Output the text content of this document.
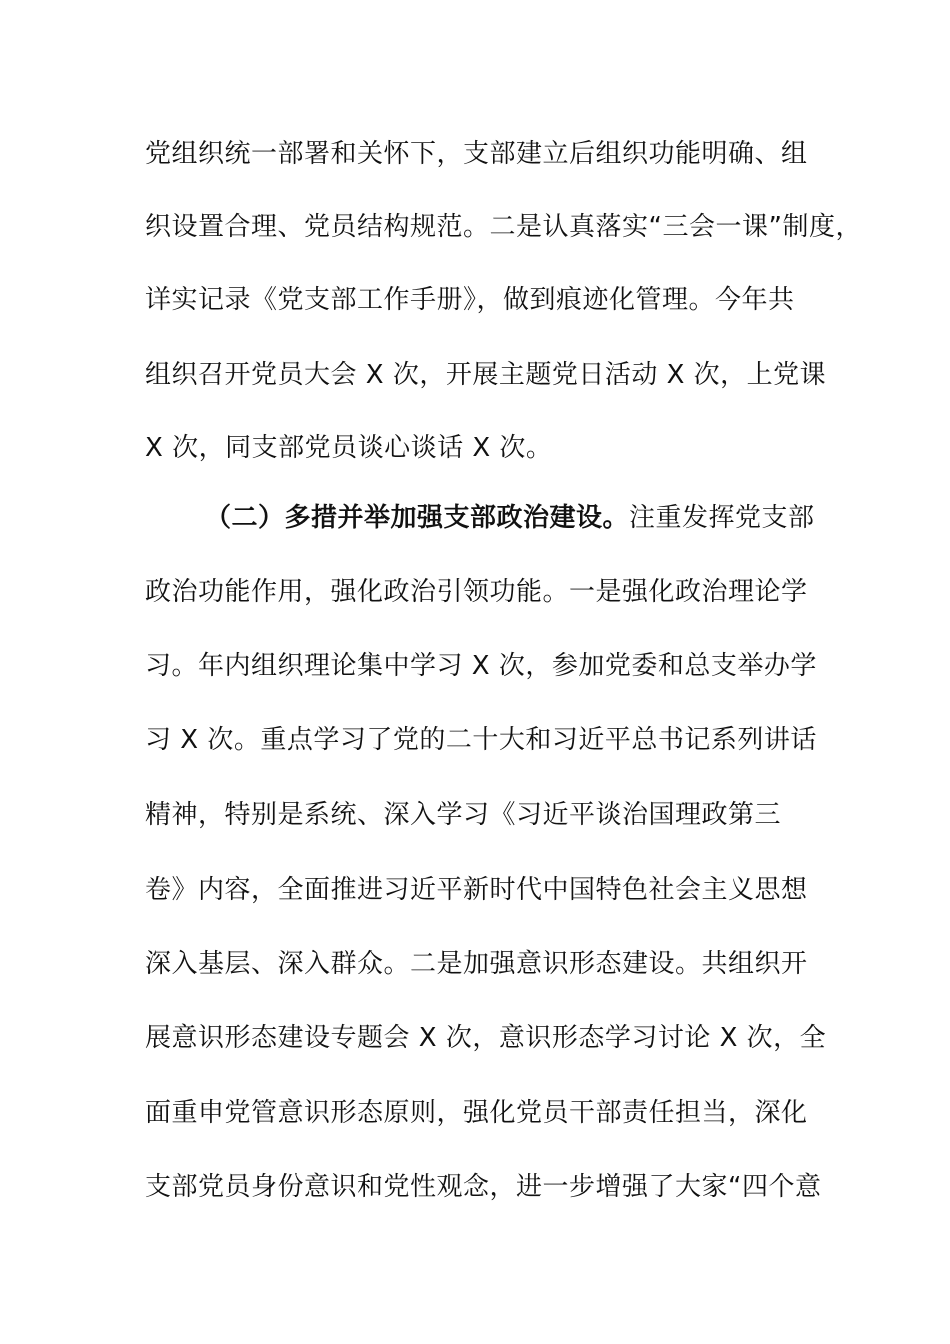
党组织统一部署和关怀下，支部建立后组织功能明确、组
织设置合理、党员结构规范。二是认真落实“三会一课”制度，
详实记录《党支部工作手册》，做到痕迹化管理。今年共
组织召开党员大会 X 次，开展主题党日活动 X 次，上党课
X 次，同支部党员谈心谈话 X 次。
（二）多措并举加强支部政治建设。注重发挥党支部
政治功能作用，强化政治引领功能。一是强化政治理论学
习。年内组织理论集中学习 X 次，参加党委和总支举办学
习 X 次。重点学习了党的二十大和习近平总书记系列讲话
精神，特别是系统、深入学习《习近平谈治国理政第三
卷》内容，全面推进习近平新时代中国特色社会主义思想
深入基层、深入群众。二是加强意识形态建设。共组织开
展意识形态建设专题会 X 次，意识形态学习讨论 X 次，全
面重申党管意识形态原则，强化党员干部责任担当，深化
支部党员身份意识和党性观念，进一步增强了大家“四个意
